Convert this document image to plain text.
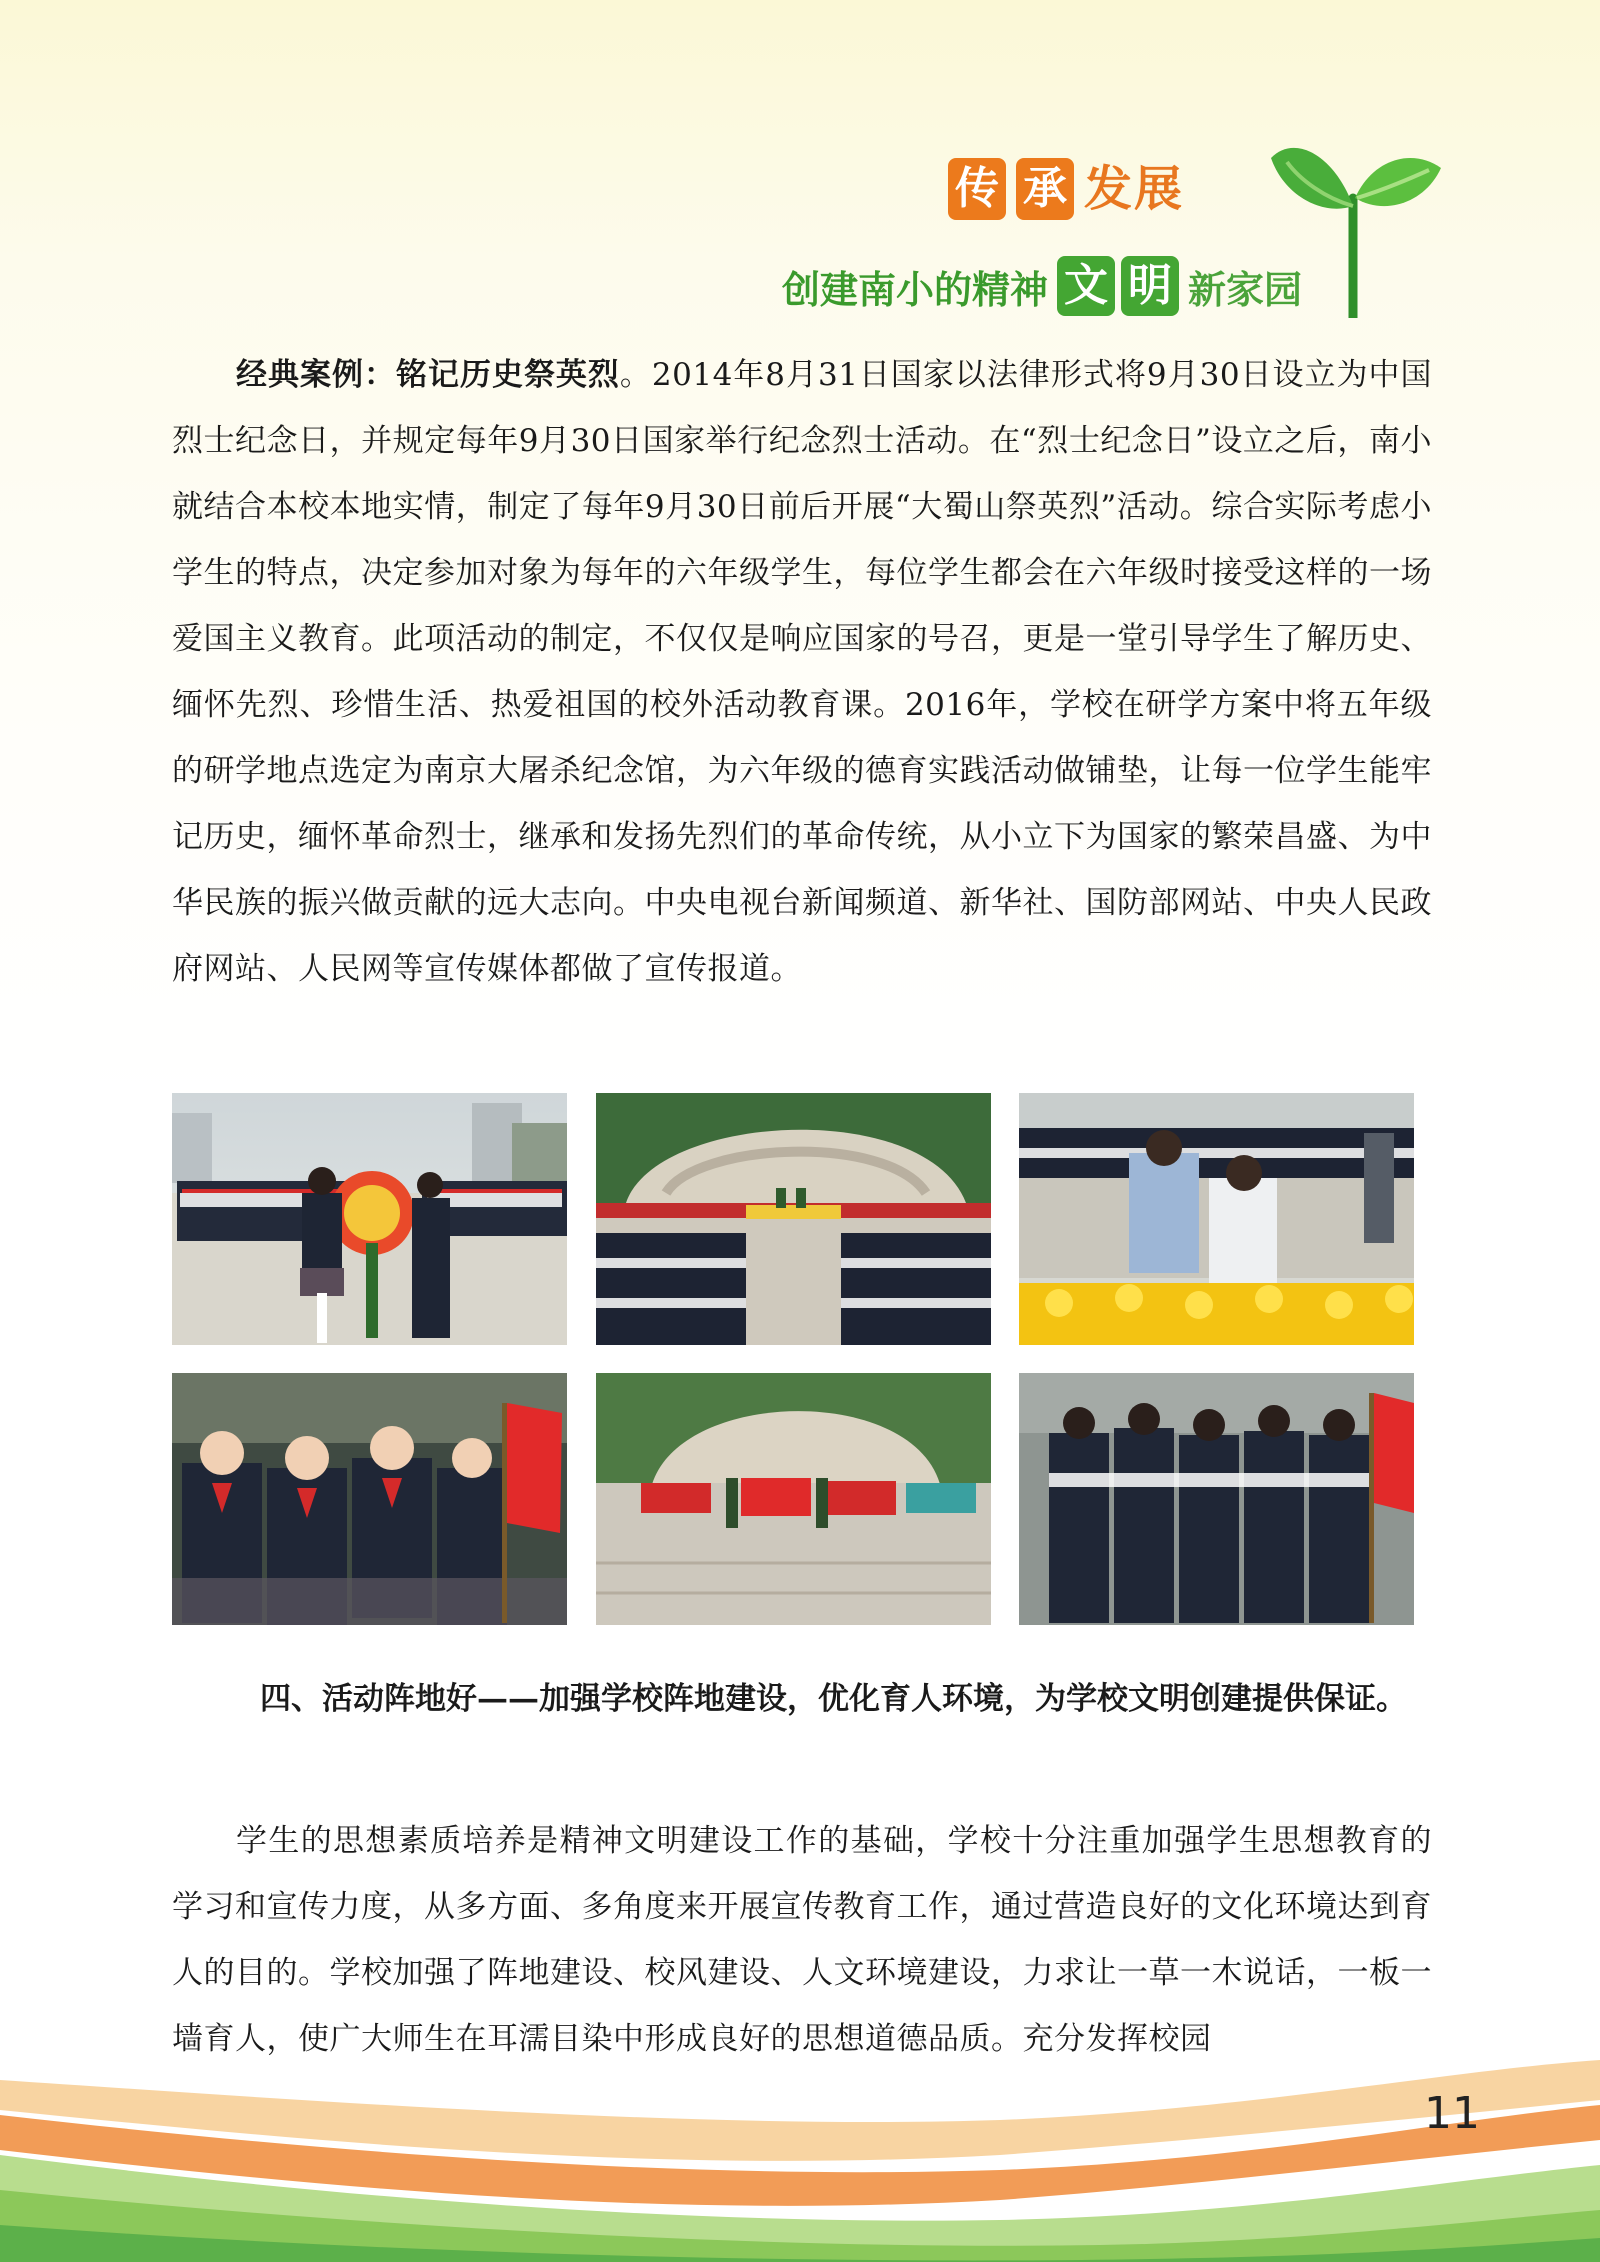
传 承 发展
创建南小的精神 文 明 新家园

经典案例：铭记历史祭英烈。2014年8月31日国家以法律形式将9月30日设立为中国烈士纪念日，并规定每年9月30日国家举行纪念烈士活动。在“烈士纪念日”设立之后，南小就结合本校本地实情，制定了每年9月30日前后开展“大蜀山祭英烈”活动。综合实际考虑小学生的特点，决定参加对象为每年的六年级学生，每位学生都会在六年级时接受这样的一场爱国主义教育。此项活动的制定，不仅仅是响应国家的号召，更是一堂引导学生了解历史、缅怀先烈、珍惜生活、热爱祖国的校外活动教育课。2016年，学校在研学方案中将五年级的研学地点选定为南京大屠杀纪念馆，为六年级的德育实践活动做铺垫，让每一位学生能牢记历史，缅怀革命烈士，继承和发扬先烈们的革命传统，从小立下为国家的繁荣昌盛、为中华民族的振兴做贡献的远大志向。中央电视台新闻频道、新华社、国防部网站、中央人民政府网站、人民网等宣传媒体都做了宣传报道。

四、活动阵地好——加强学校阵地建设，优化育人环境，为学校文明创建提供保证。

学生的思想素质培养是精神文明建设工作的基础，学校十分注重加强学生思想教育的学习和宣传力度，从多方面、多角度来开展宣传教育工作，通过营造良好的文化环境达到育人的目的。学校加强了阵地建设、校风建设、人文环境建设，力求让一草一木说话，一板一墙育人，使广大师生在耳濡目染中形成良好的思想道德品质。充分发挥校园

11
